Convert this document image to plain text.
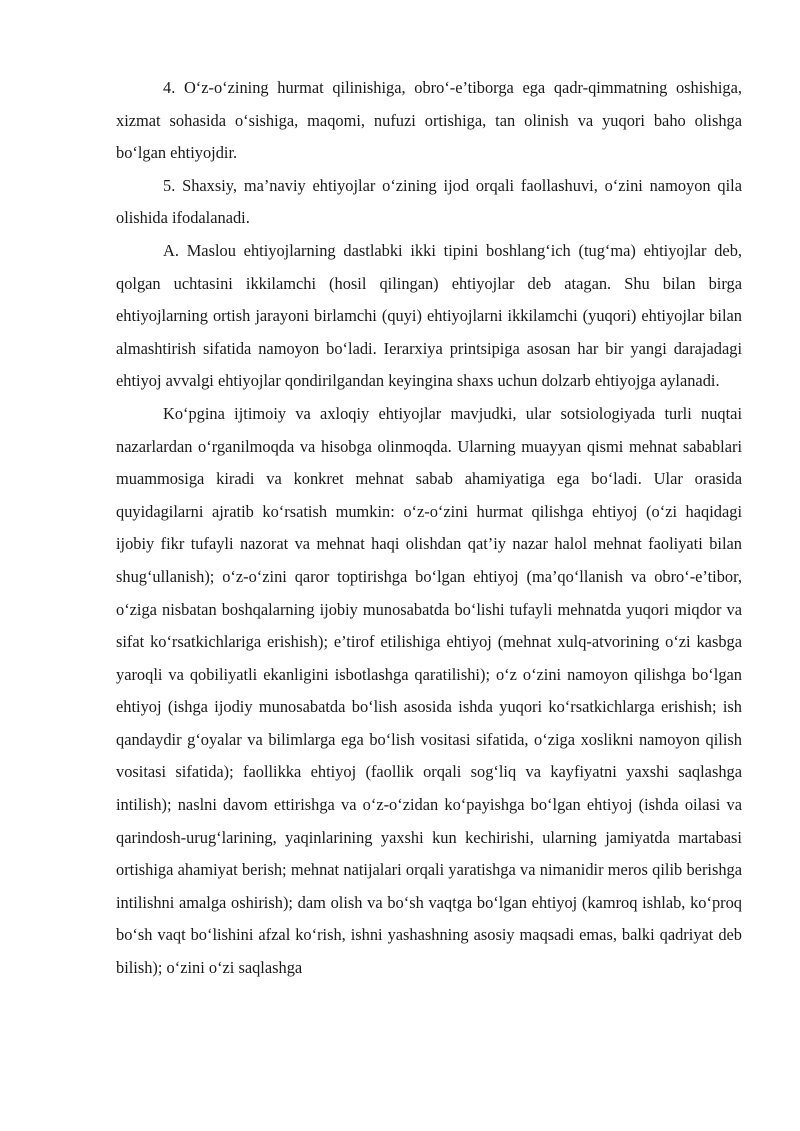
4. O‘z-o‘zining hurmat qilinishiga, obro‘-e’tiborga ega qadr-qimmatning oshishiga, xizmat sohasida o‘sishiga, maqomi, nufuzi ortishiga, tan olinish va yuqori baho olishga bo‘lgan ehtiyojdir.

5. Shaxsiy, ma’naviy ehtiyojlar o‘zining ijod orqali faollashuvi, o‘zini namoyon qila olishida ifodalanadi.

A. Maslou ehtiyojlarning dastlabki ikki tipini boshlang‘ich (tug‘ma) ehtiyojlar deb, qolgan uchtasini ikkilamchi (hosil qilingan) ehtiyojlar deb atagan. Shu bilan birga ehtiyojlarning ortish jarayoni birlamchi (quyi) ehtiyojlarni ikkilamchi (yuqori) ehtiyojlar bilan almashtirish sifatida namoyon bo‘ladi. Ierarxiya printsipiga asosan har bir yangi darajadagi ehtiyoj avvalgi ehtiyojlar qondirilgandan keyingina shaxs uchun dolzarb ehtiyojga aylanadi.

Ko‘pgina ijtimoiy va axloqiy ehtiyojlar mavjudki, ular sotsiologiyada turli nuqtai nazarlardan o‘rganilmoqda va hisobga olinmoqda. Ularning muayyan qismi mehnat sabablari muammosiga kiradi va konkret mehnat sabab ahamiyatiga ega bo‘ladi. Ular orasida quyidagilarni ajratib ko‘rsatish mumkin: o‘z-o‘zini hurmat qilishga ehtiyoj (o‘zi haqidagi ijobiy fikr tufayli nazorat va mehnat haqi olishdan qat’iy nazar halol mehnat faoliyati bilan shug‘ullanish); o‘z-o‘zini qaror toptirishga bo‘lgan ehtiyoj (ma’qo‘llanish va obro‘-e’tibor, o‘ziga nisbatan boshqalarning ijobiy munosabatda bo‘lishi tufayli mehnatda yuqori miqdor va sifat ko‘rsatkichlariga erishish); e’tirof etilishiga ehtiyoj (mehnat xulq-atvorining o‘zi kasbga yaroqli va qobiliyatli ekanligini isbotlashga qaratilishi); o‘z o‘zini namoyon qilishga bo‘lgan ehtiyoj (ishga ijodiy munosabatda bo‘lish asosida ishda yuqori ko‘rsatkichlarga erishish; ish qandaydir g‘oyalar va bilimlarga ega bo‘lish vositasi sifatida, o‘ziga xoslikni namoyon qilish vositasi sifatida); faollikka ehtiyoj (faollik orqali sog‘liq va kayfiyatni yaxshi saqlashga intilish); naslni davom ettirishga va o‘z-o‘zidan ko‘payishga bo‘lgan ehtiyoj (ishda oilasi va qarindosh-urug‘larining, yaqinlarining yaxshi kun kechirishi, ularning jamiyatda martabasi ortishiga ahamiyat berish; mehnat natijalari orqali yaratishga va nimanidir meros qilib berishga intilishni amalga oshirish); dam olish va bo‘sh vaqtga bo‘lgan ehtiyoj (kamroq ishlab, ko‘proq bo‘sh vaqt bo‘lishini afzal ko‘rish, ishni yashashning asosiy maqsadi emas, balki qadriyat deb bilish); o‘zini o‘zi saqlashga
